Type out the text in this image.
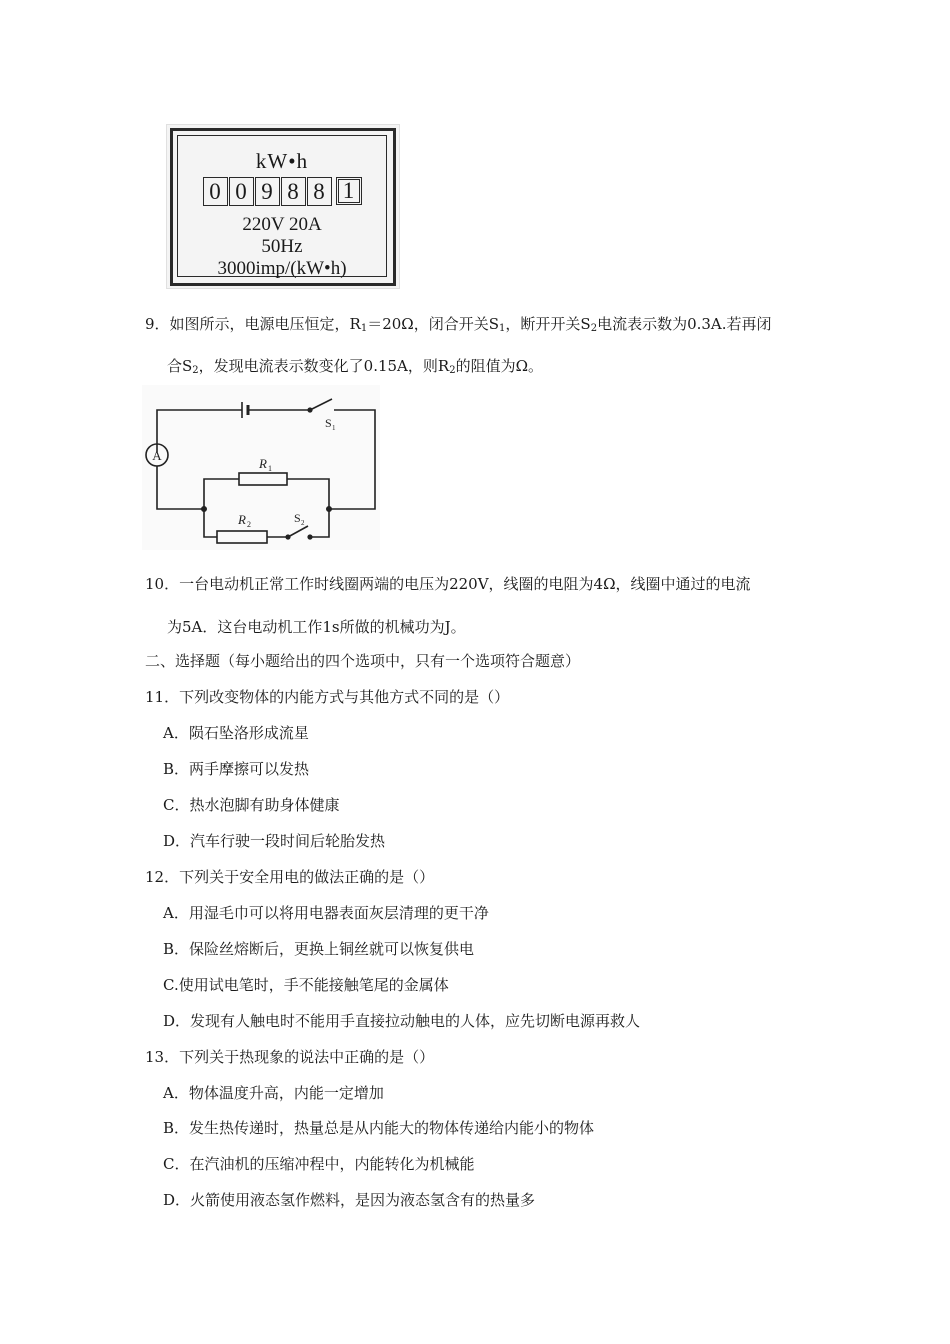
kW•h
0 0 9 8 8 1
220V 20A
50Hz
3000imp/(kW•h)
9．如图所示，电源电压恒定，$R_1=20\Omega$，闭合开关$S_1$，断开开关$S_2$电流表示数为0.3A.若再闭
合$S_2$，发现电流表示数变化了0.15A，则$R_2$的阻值为Ω。
A
R 1
R 2
S 1
S 2
10．一台电动机正常工作时线圈两端的电压为220V，线圈的电阻为4Ω，线圈中通过的电流
为5A．这台电动机工作1s所做的机械功为J。
二、选择题（每小题给出的四个选项中，只有一个选项符合题意）
11．下列改变物体的内能方式与其他方式不同的是（）
A．陨石坠洛形成流星
B．两手摩擦可以发热
C．热水泡脚有助身体健康
D．汽车行驶一段时间后轮胎发热
12．下列关于安全用电的做法正确的是（）
A．用湿毛巾可以将用电器表面灰层清理的更干净
B．保险丝熔断后，更换上铜丝就可以恢复供电
C.使用试电笔时，手不能接触笔尾的金属体
D．发现有人触电时不能用手直接拉动触电的人体，应先切断电源再救人
13．下列关于热现象的说法中正确的是（）
A．物体温度升高，内能一定增加
B．发生热传递时，热量总是从内能大的物体传递给内能小的物体
C．在汽油机的压缩冲程中，内能转化为机械能
D．火箭使用液态氢作燃料，是因为液态氢含有的热量多
